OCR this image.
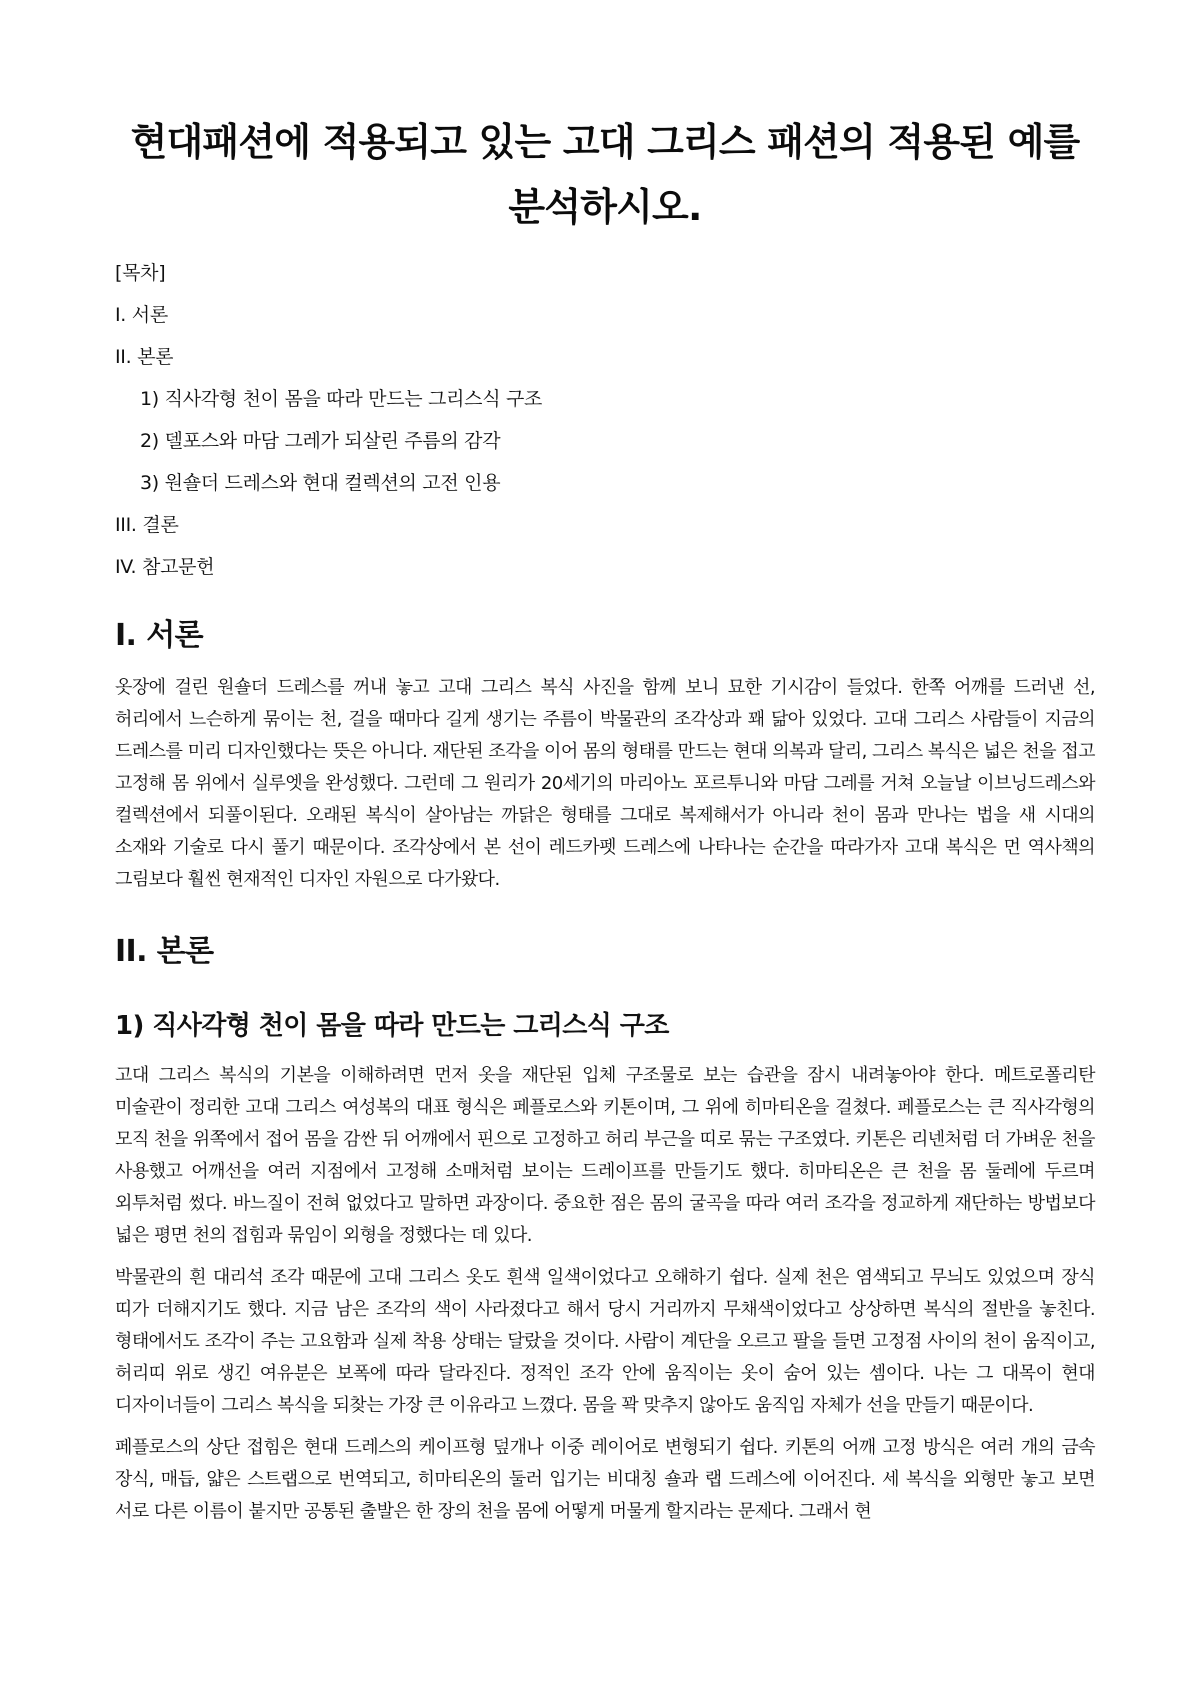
현대패션에 적용되고 있는 고대 그리스 패션의 적용된 예를 분석하시오.
[목차]
I. 서론
II. 본론
1) 직사각형 천이 몸을 따라 만드는 그리스식 구조
2) 델포스와 마담 그레가 되살린 주름의 감각
3) 원숄더 드레스와 현대 컬렉션의 고전 인용
III. 결론
IV. 참고문헌
I. 서론

옷장에 걸린 원숄더 드레스를 꺼내 놓고 고대 그리스 복식 사진을 함께 보니 묘한 기시감이 들었다. 한쪽 어깨를 드러낸 선, 허리에서 느슨하게 묶이는 천, 걸을 때마다 길게 생기는 주름이 박물관의 조각상과 꽤 닮아 있었다. 고대 그리스 사람들이 지금의 드레스를 미리 디자인했다는 뜻은 아니다. 재단된 조각을 이어 몸의 형태를 만드는 현대 의복과 달리, 그리스 복식은 넓은 천을 접고 고정해 몸 위에서 실루엣을 완성했다. 그런데 그 원리가 20세기의 마리아노 포르투니와 마담 그레를 거쳐 오늘날 이브닝드레스와 컬렉션에서 되풀이된다. 오래된 복식이 살아남는 까닭은 형태를 그대로 복제해서가 아니라 천이 몸과 만나는 법을 새 시대의 소재와 기술로 다시 풀기 때문이다. 조각상에서 본 선이 레드카펫 드레스에 나타나는 순간을 따라가자 고대 복식은 먼 역사책의 그림보다 훨씬 현재적인 디자인 자원으로 다가왔다.

II. 본론
1) 직사각형 천이 몸을 따라 만드는 그리스식 구조

고대 그리스 복식의 기본을 이해하려면 먼저 옷을 재단된 입체 구조물로 보는 습관을 잠시 내려놓아야 한다. 메트로폴리탄 미술관이 정리한 고대 그리스 여성복의 대표 형식은 페플로스와 키톤이며, 그 위에 히마티온을 걸쳤다. 페플로스는 큰 직사각형의 모직 천을 위쪽에서 접어 몸을 감싼 뒤 어깨에서 핀으로 고정하고 허리 부근을 띠로 묶는 구조였다. 키톤은 리넨처럼 더 가벼운 천을 사용했고 어깨선을 여러 지점에서 고정해 소매처럼 보이는 드레이프를 만들기도 했다. 히마티온은 큰 천을 몸 둘레에 두르며 외투처럼 썼다. 바느질이 전혀 없었다고 말하면 과장이다. 중요한 점은 몸의 굴곡을 따라 여러 조각을 정교하게 재단하는 방법보다 넓은 평면 천의 접힘과 묶임이 외형을 정했다는 데 있다.

박물관의 흰 대리석 조각 때문에 고대 그리스 옷도 흰색 일색이었다고 오해하기 쉽다. 실제 천은 염색되고 무늬도 있었으며 장식 띠가 더해지기도 했다. 지금 남은 조각의 색이 사라졌다고 해서 당시 거리까지 무채색이었다고 상상하면 복식의 절반을 놓친다. 형태에서도 조각이 주는 고요함과 실제 착용 상태는 달랐을 것이다. 사람이 계단을 오르고 팔을 들면 고정점 사이의 천이 움직이고, 허리띠 위로 생긴 여유분은 보폭에 따라 달라진다. 정적인 조각 안에 움직이는 옷이 숨어 있는 셈이다. 나는 그 대목이 현대 디자이너들이 그리스 복식을 되찾는 가장 큰 이유라고 느꼈다. 몸을 꽉 맞추지 않아도 움직임 자체가 선을 만들기 때문이다.

페플로스의 상단 접힘은 현대 드레스의 케이프형 덮개나 이중 레이어로 변형되기 쉽다. 키톤의 어깨 고정 방식은 여러 개의 금속 장식, 매듭, 얇은 스트랩으로 번역되고, 히마티온의 둘러 입기는 비대칭 숄과 랩 드레스에 이어진다. 세 복식을 외형만 놓고 보면 서로 다른 이름이 붙지만 공통된 출발은 한 장의 천을 몸에 어떻게 머물게 할지라는 문제다. 그래서 현
